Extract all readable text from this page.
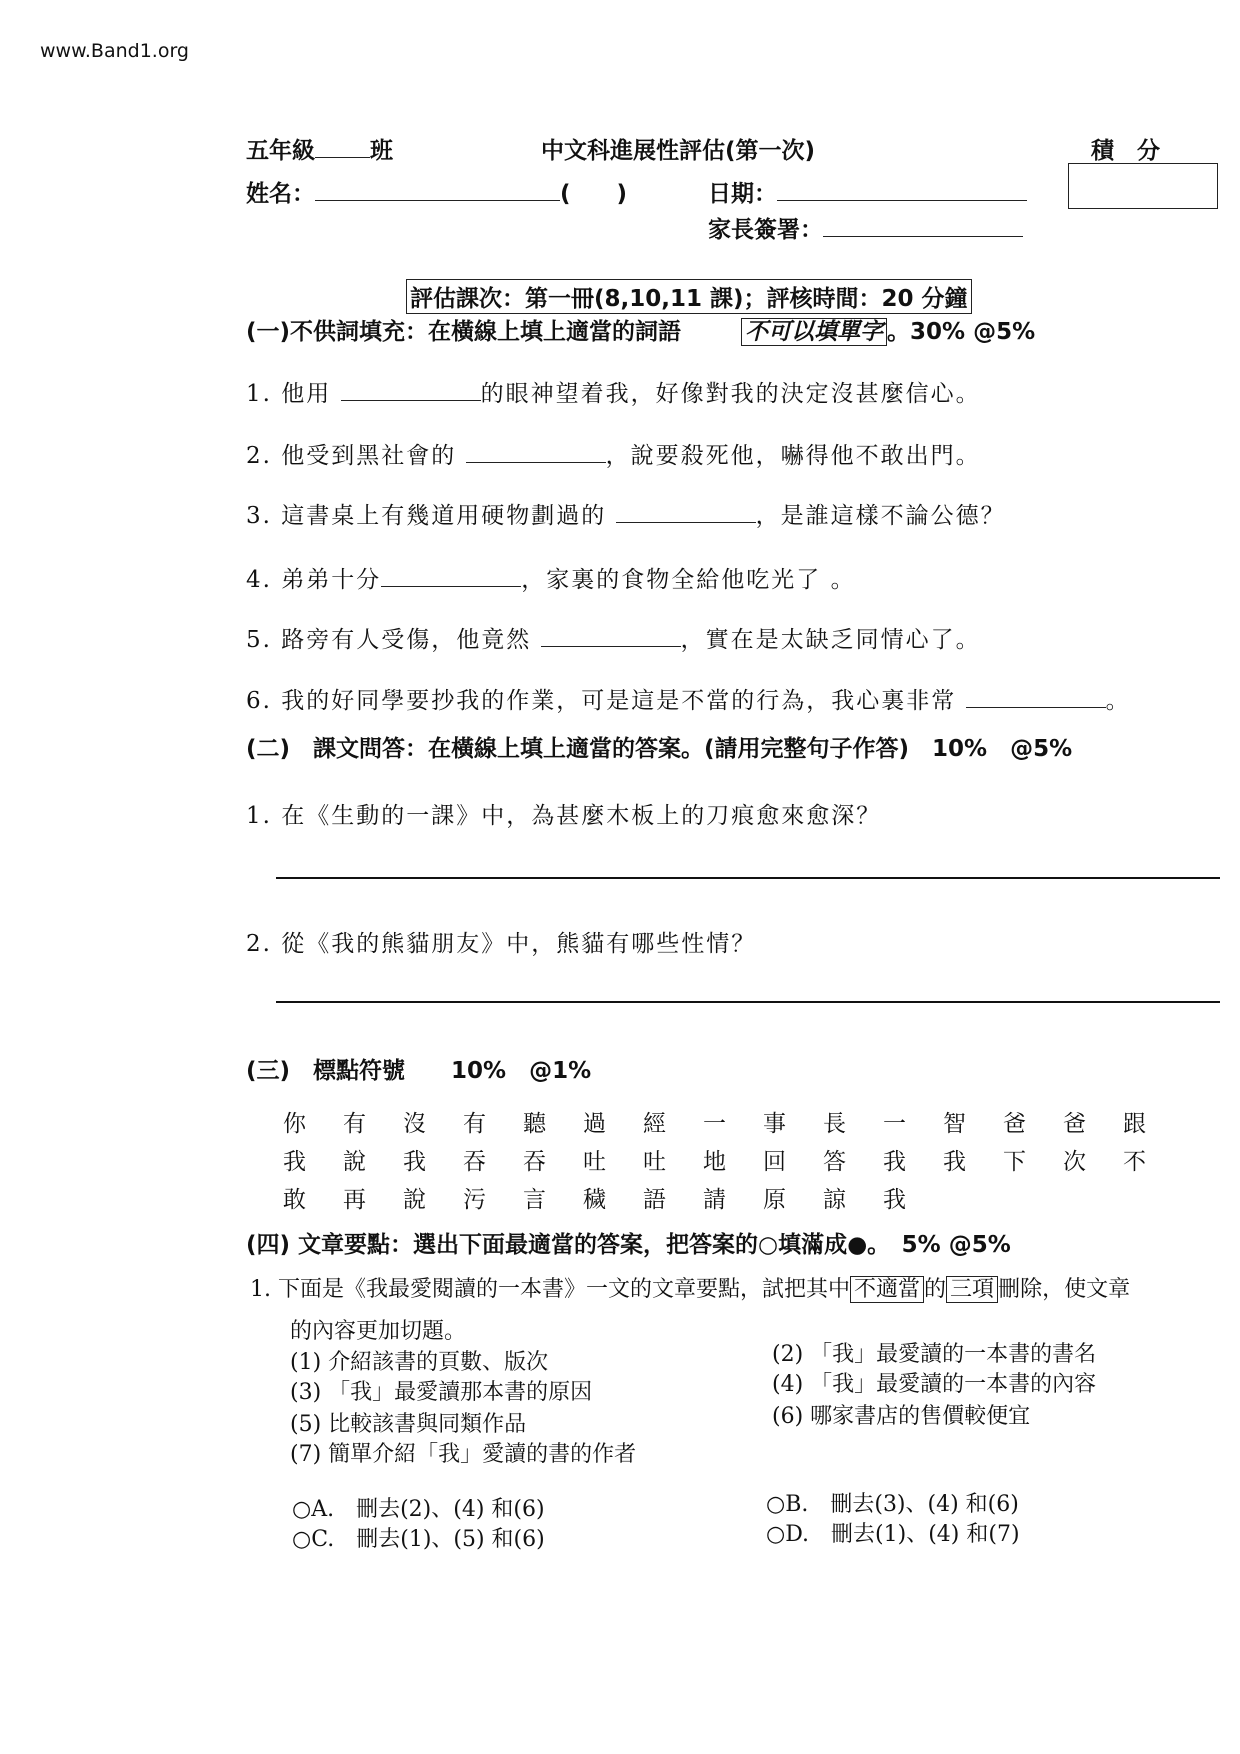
www.Band1.org
五年級 班	中文科進展性評估(第一次)	積　分
姓名：	(　　)	日期：
家長簽署：
評估課次：第一冊(8,10,11 課)；評核時間：20 分鐘
(一)不供詞填充：在橫線上填上適當的詞語	不可以填單字 。30% @5%
1. 他用	的眼神望着我，好像對我的決定沒甚麼信心。
2. 他受到黑社會的	，說要殺死他，嚇得他不敢出門。
3. 這書桌上有幾道用硬物劃過的	，是誰這樣不論公德？
4. 弟弟十分	，家裏的食物全給他吃光了 。
5. 路旁有人受傷，他竟然	，實在是太缺乏同情心了。
6. 我的好同學要抄我的作業，可是這是不當的行為，我心裏非常	。
(二)　課文問答：在橫線上填上適當的答案。(請用完整句子作答)　 10%　@5%
1. 在《生動的一課》中，為甚麼木板上的刀痕愈來愈深？
2. 從《我的熊貓朋友》中，熊貓有哪些性情？
(三)　標點符號　　 10%　@1%
你 有 沒 有 聽 過 經 一 事 長 一 智 爸 爸 跟
我 說 我 吞 吞 吐 吐 地 回 答 我 我 下 次 不
敢 再 說 污 言 穢 語 請 原 諒 我
(四) 文章要點：選出下面最適當的答案，把答案的○填滿成●。　 5% @5%
1. 下面是《我最愛閱讀的一本書》一文的文章要點，試把其中 不適當 的 三項 刪除，使文章
的內容更加切題。
(1) 介紹該書的頁數、版次	(2) 「我」最愛讀的一本書的書名
(3) 「我」最愛讀那本書的原因	(4) 「我」最愛讀的一本書的內容
(5) 比較該書與同類作品	(6) 哪家書店的售價較便宜
(7) 簡單介紹「我」愛讀的書的作者
○A.　刪去(2)、(4) 和(6)	○B.　刪去(3)、(4) 和(6)
○C.　刪去(1)、(5) 和(6)	○D.　刪去(1)、(4) 和(7)
